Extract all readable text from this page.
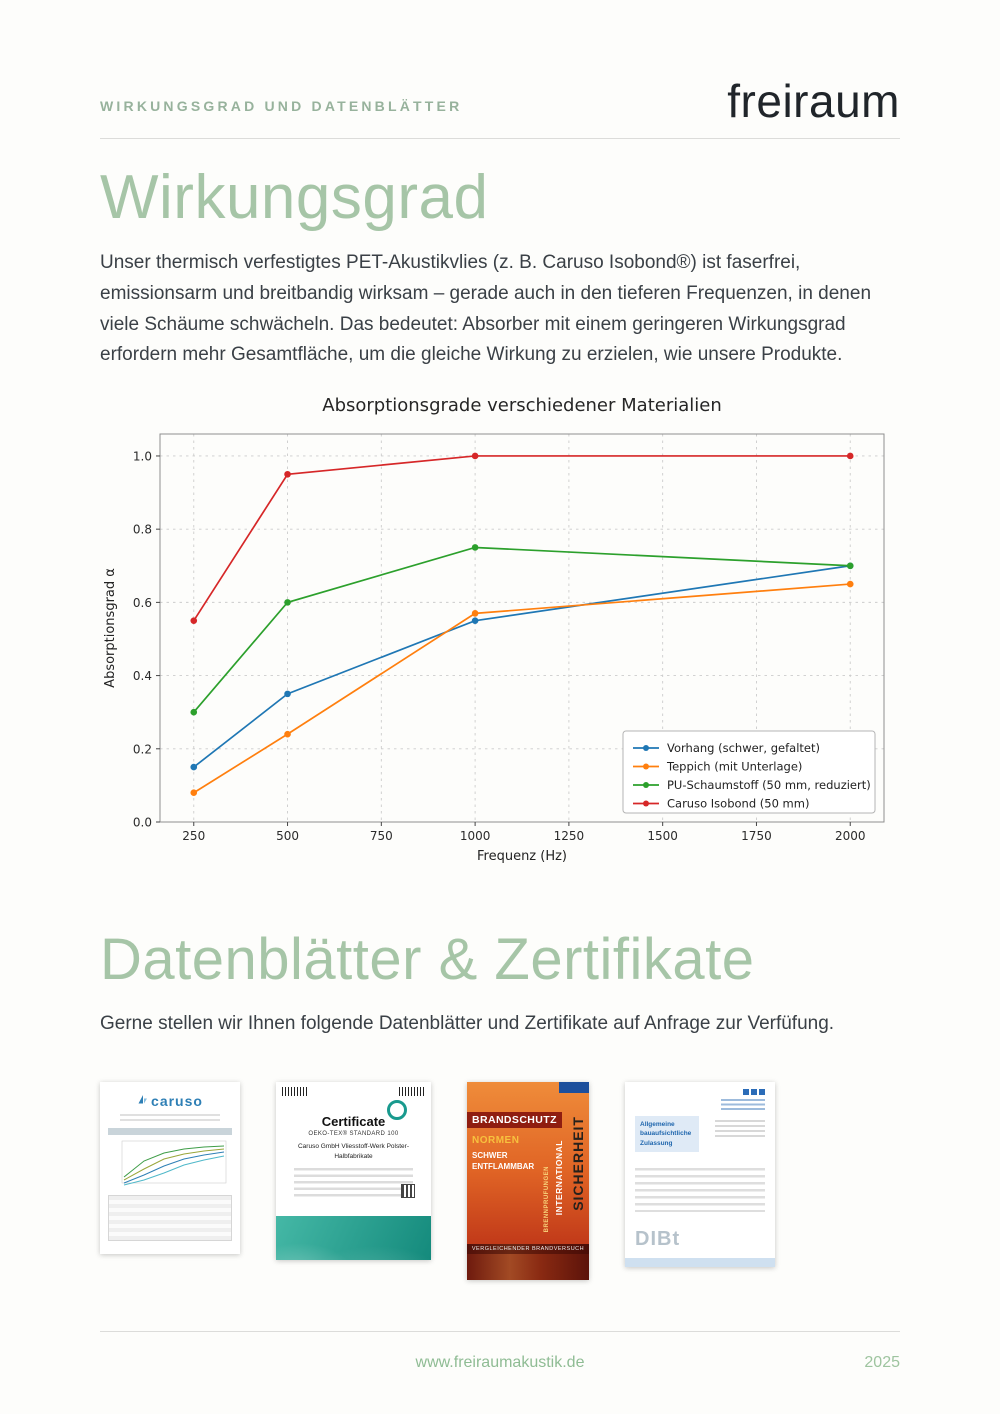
WIRKUNGSGRAD UND DATENBLÄTTER	freiraum
Wirkungsgrad

Unser thermisch verfestigtes PET-Akustikvlies (z. B. Caruso Isobond®) ist faserfrei, emissionsarm und breitbandig wirksam – gerade auch in den tieferen Frequenzen, in denen viele Schäume schwächeln. Das bedeutet: Absorber mit einem geringeren Wirkungsgrad erfordern mehr Gesamtfläche, um die gleiche Wirkung zu erzielen, wie unsere Produkte.

Absorptionsgrade verschiedener Materialien
250	500	750	1000	1250	1500	1750	2000
0.0
0.2
0.4
0.6
0.8
1.0
Frequenz (Hz)
Absorptionsgrad α
Vorhang (schwer, gefaltet)
Teppich (mit Unterlage)
PU-Schaumstoff (50 mm, reduziert)
Caruso Isobond (50 mm)
Datenblätter & Zertifikate

Gerne stellen wir Ihnen folgende Datenblätter und Zertifikate auf Anfrage zur Verfüfung.

caruso
Certificate
OEKO-TEX® STANDARD 100
Caruso GmbH Vliesstoff-Werk Polster-Halbfabrikate
BRANDSCHUTZ
NORMEN
SCHWER
ENTFLAMMBAR INTERNATIONAL SICHERHEIT
BRENNPRÜFUNGEN
VERGLEICHENDER BRANDVERSUCH
Allgemeine bauaufsichtliche Zulassung
DIBt
www.freiraumakustik.de	2025
